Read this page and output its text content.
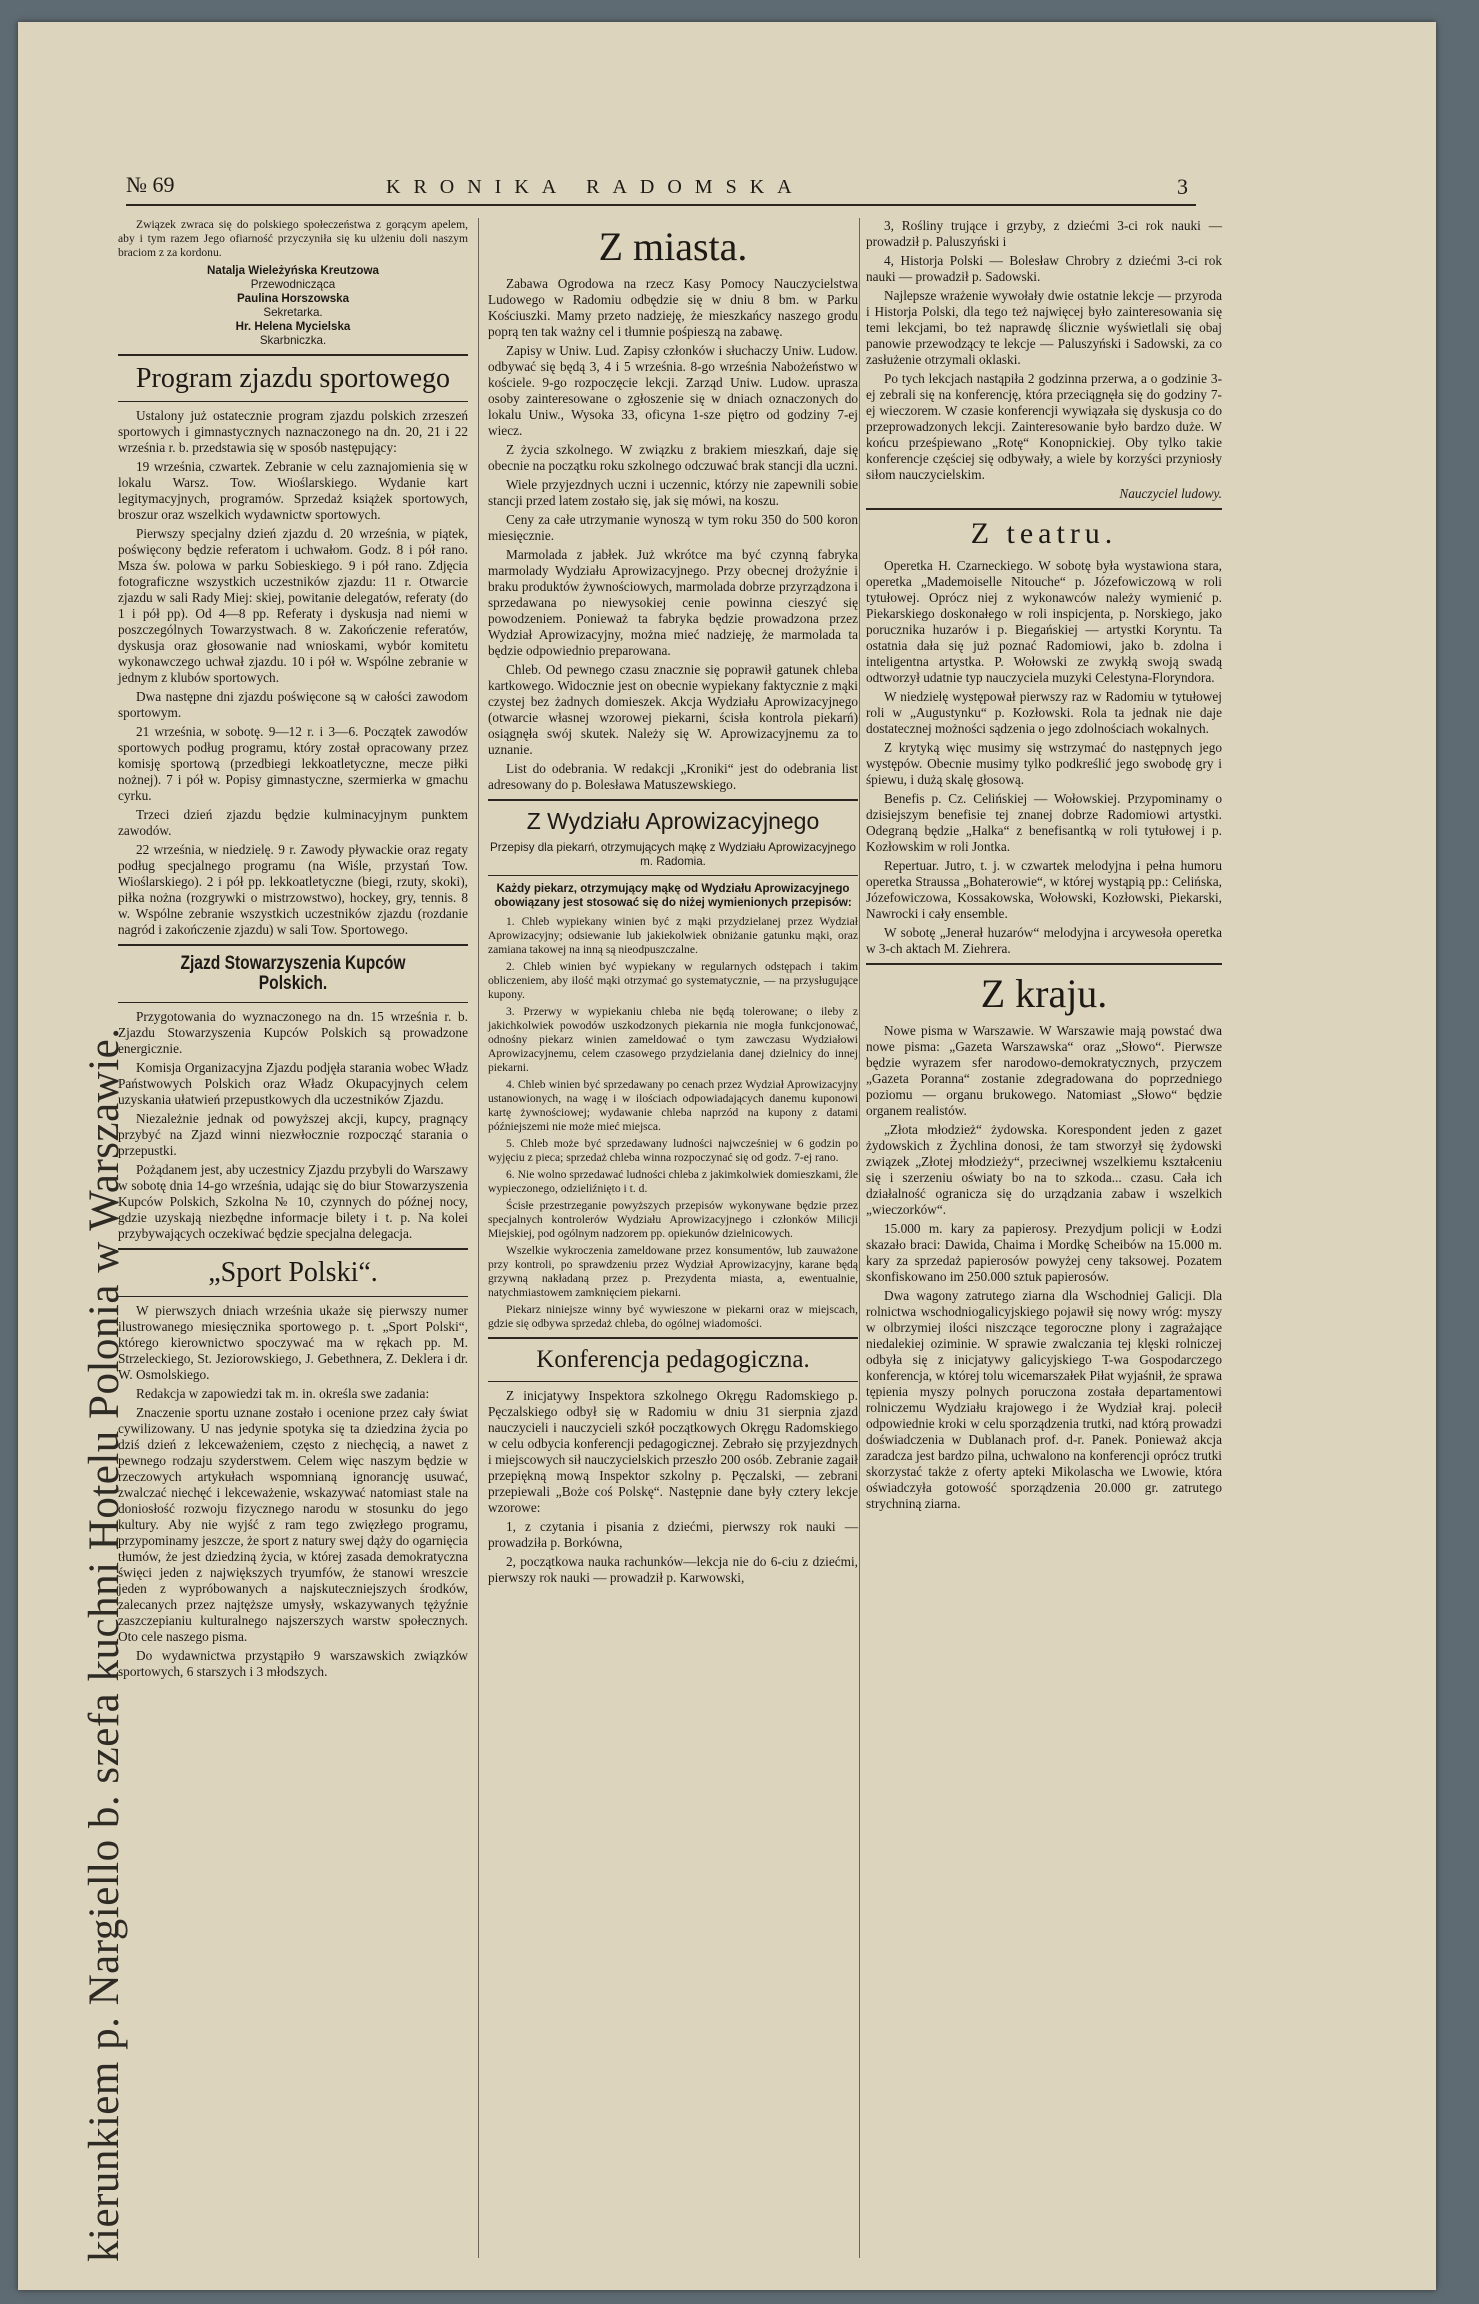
kierunkiem p. Nargiello b. szefa kuchni Hotelu Polonia w Warszawie.
№ 69	KRONIKA RADOMSKA	3

Związek zwraca się do polskiego społeczeństwa z gorącym apelem, aby i tym razem Jego ofiarność przyczyniła się ku ulżeniu doli naszym braciom z za kordonu.

Natalja Wieleżyńska Kreutzowa

Przewodnicząca

Paulina Horszowska

Sekretarka.

Hr. Helena Mycielska

Skarbniczka.

Program zjazdu sportowego

Ustalony już ostatecznie program zjazdu polskich zrzeszeń sportowych i gimnastycznych naznaczonego na dn. 20, 21 i 22 września r. b. przedstawia się w sposób następujący:

19 września, czwartek. Zebranie w celu zaznajomienia się w lokalu Warsz. Tow. Wioślarskiego. Wydanie kart legitymacyjnych, programów. Sprzedaż książek sportowych, broszur oraz wszelkich wydawnictw sportowych.

Pierwszy specjalny dzień zjazdu d. 20 września, w piątek, poświęcony będzie referatom i uchwałom. Godz. 8 i pół rano. Msza św. polowa w parku Sobieskiego. 9 i pół rano. Zdjęcia fotograficzne wszystkich uczestników zjazdu: 11 r. Otwarcie zjazdu w sali Rady Miej: skiej, powitanie delegatów, referaty (do 1 i pół pp). Od 4—8 pp. Referaty i dyskusja nad niemi w poszczególnych Towarzystwach. 8 w. Zakończenie referatów, dyskusja oraz głosowanie nad wnioskami, wybór komitetu wykonawczego uchwał zjazdu. 10 i pół w. Wspólne zebranie w jednym z klubów sportowych.

Dwa następne dni zjazdu poświęcone są w całości zawodom sportowym.

21 września, w sobotę. 9—12 r. i 3—6. Początek zawodów sportowych podług programu, który został opracowany przez komisję sportową (przedbiegi lekkoatletyczne, mecze piłki nożnej). 7 i pół w. Popisy gimnastyczne, szermierka w gmachu cyrku.

Trzeci dzień zjazdu będzie kulminacyjnym punktem zawodów.

22 września, w niedzielę. 9 r. Zawody pływackie oraz regaty podług specjalnego programu (na Wiśle, przystań Tow. Wioślarskiego). 2 i pół pp. lekkoatletyczne (biegi, rzuty, skoki), piłka nożna (rozgrywki o mistrzowstwo), hockey, gry, tennis. 8 w. Wspólne zebranie wszystkich uczestników zjazdu (rozdanie nagród i zakończenie zjazdu) w sali Tow. Sportowego.

Zjazd Stowarzyszenia Kupców Polskich.

Przygotowania do wyznaczonego na dn. 15 września r. b. Zjazdu Stowarzyszenia Kupców Polskich są prowadzone energicznie.

Komisja Organizacyjna Zjazdu podjęła starania wobec Władz Państwowych Polskich oraz Władz Okupacyjnych celem uzyskania ułatwień przepustkowych dla uczestników Zjazdu.

Niezależnie jednak od powyższej akcji, kupcy, pragnący przybyć na Zjazd winni niezwłocznie rozpocząć starania o przepustki.

Pożądanem jest, aby uczestnicy Zjazdu przybyli do Warszawy w sobotę dnia 14-go września, udając się do biur Stowarzyszenia Kupców Polskich, Szkolna № 10, czynnych do późnej nocy, gdzie uzyskają niezbędne informacje bilety i t. p. Na kolei przybywających oczekiwać będzie specjalna delegacja.

„Sport Polski“.

W pierwszych dniach września ukaże się pierwszy numer ilustrowanego miesięcznika sportowego p. t. „Sport Polski“, którego kierownictwo spoczywać ma w rękach pp. M. Strzeleckiego, St. Jeziorowskiego, J. Gebethnera, Z. Deklera i dr. W. Osmolskiego.

Redakcja w zapowiedzi tak m. in. określa swe zadania:

Znaczenie sportu uznane zostało i ocenione przez cały świat cywilizowany. U nas jedynie spotyka się ta dziedzina życia po dziś dzień z lekceważeniem, często z niechęcią, a nawet z pewnego rodzaju szyderstwem. Celem więc naszym będzie w rzeczowych artykułach wspomnianą ignorancję usuwać, zwalczać niechęć i lekceważenie, wskazywać natomiast stale na doniosłość rozwoju fizycznego narodu w stosunku do jego kultury. Aby nie wyjść z ram tego zwięzłego programu, przypominamy jeszcze, że sport z natury swej dąży do ogarnięcia tłumów, że jest dziedziną życia, w której zasada demokratyczna święci jeden z największych tryumfów, że stanowi wreszcie jeden z wypróbowanych a najskuteczniejszych środków, zalecanych przez najtęższe umysły, wskazywanych tężyźnie zaszczepianiu kulturalnego najszerszych warstw społecznych. Oto cele naszego pisma.

Do wydawnictwa przystąpiło 9 warszawskich związków sportowych, 6 starszych i 3 młodszych.

Z miasta.

Zabawa Ogrodowa na rzecz Kasy Pomocy Nauczycielstwa Ludowego w Radomiu odbędzie się w dniu 8 bm. w Parku Kościuszki. Mamy przeto nadzieję, że mieszkańcy naszego grodu poprą ten tak ważny cel i tłumnie pośpieszą na zabawę.

Zapisy w Uniw. Lud. Zapisy członków i słuchaczy Uniw. Ludow. odbywać się będą 3, 4 i 5 września. 8-go września Nabożeństwo w kościele. 9-go rozpoczęcie lekcji. Zarząd Uniw. Ludow. uprasza osoby zainteresowane o zgłoszenie się w dniach oznaczonych do lokalu Uniw., Wysoka 33, oficyna 1-sze piętro od godziny 7-ej wiecz.

Z życia szkolnego. W związku z brakiem mieszkań, daje się obecnie na początku roku szkolnego odczuwać brak stancji dla uczni.

Wiele przyjezdnych uczni i uczennic, którzy nie zapewnili sobie stancji przed latem zostało się, jak się mówi, na koszu.

Ceny za całe utrzymanie wynoszą w tym roku 350 do 500 koron miesięcznie.

Marmolada z jabłek. Już wkrótce ma być czynną fabryka marmolady Wydziału Aprowizacyjnego. Przy obecnej drożyźnie i braku produktów żywnościowych, marmolada dobrze przyrządzona i sprzedawana po niewysokiej cenie powinna cieszyć się powodzeniem. Ponieważ ta fabryka będzie prowadzona przez Wydział Aprowizacyjny, można mieć nadzieję, że marmolada ta będzie odpowiednio preparowana.

Chleb. Od pewnego czasu znacznie się poprawił gatunek chleba kartkowego. Widocznie jest on obecnie wypiekany faktycznie z mąki czystej bez żadnych domieszek. Akcja Wydziału Aprowizacyjnego (otwarcie własnej wzorowej piekarni, ścisła kontrola piekarń) osiągnęła swój skutek. Należy się W. Aprowizacyjnemu za to uznanie.

List do odebrania. W redakcji „Kroniki“ jest do odebrania list adresowany do p. Bolesława Matuszewskiego.

Z Wydziału Aprowizacyjnego

Przepisy dla piekarń, otrzymujących mąkę z Wydziału Aprowizacyjnego m. Radomia.

Każdy piekarz, otrzymujący mąkę od Wydziału Aprowizacyjnego obowiązany jest stosować się do niżej wymienionych przepisów:

1. Chleb wypiekany winien być z mąki przydzielanej przez Wydział Aprowizacyjny; odsiewanie lub jakiekolwiek obniżanie gatunku mąki, oraz zamiana takowej na inną są nieodpuszczalne.

2. Chleb winien być wypiekany w regularnych odstępach i takim obliczeniem, aby ilość mąki otrzymać go systematycznie, — na przysługujące kupony.

3. Przerwy w wypiekaniu chleba nie będą tolerowane; o ileby z jakichkolwiek powodów uszkodzonych piekarnia nie mogła funkcjonować, odnośny piekarz winien zameldować o tym zawczasu Wydziałowi Aprowizacyjnemu, celem czasowego przydzielania danej dzielnicy do innej piekarni.

4. Chleb winien być sprzedawany po cenach przez Wydział Aprowizacyjny ustanowionych, na wagę i w ilościach odpowiadających danemu kuponowi kartę żywnościowej; wydawanie chleba naprzód na kupony z datami późniejszemi nie może mieć miejsca.

5. Chleb może być sprzedawany ludności najwcześniej w 6 godzin po wyjęciu z pieca; sprzedaż chleba winna rozpoczynać się od godz. 7-ej rano.

6. Nie wolno sprzedawać ludności chleba z jakimkolwiek domieszkami, źle wypieczonego, odzieliźnięto i t. d.

Ścisłe przestrzeganie powyższych przepisów wykonywane będzie przez specjalnych kontrolerów Wydziału Aprowizacyjnego i członków Milicji Miejskiej, pod ogólnym nadzorem pp. opiekunów dzielnicowych.

Wszelkie wykroczenia zameldowane przez konsumentów, lub zauważone przy kontroli, po sprawdzeniu przez Wydział Aprowizacyjny, karane będą grzywną nakładaną przez p. Prezydenta miasta, a, ewentualnie, natychmiastowem zamknięciem piekarni.

Piekarz niniejsze winny być wywieszone w piekarni oraz w miejscach, gdzie się odbywa sprzedaż chleba, do ogólnej wiadomości.

Konferencja pedagogiczna.

Z inicjatywy Inspektora szkolnego Okręgu Radomskiego p. Pęczalskiego odbył się w Radomiu w dniu 31 sierpnia zjazd nauczycieli i nauczycieli szkół początkowych Okręgu Radomskiego w celu odbycia konferencji pedagogicznej. Zebrało się przyjezdnych i miejscowych sił nauczycielskich przeszło 200 osób. Zebranie zagaił przepiękną mową Inspektor szkolny p. Pęczalski, — zebrani przepiewali „Boże coś Polskę“. Następnie dane były cztery lekcje wzorowe:

1, z czytania i pisania z dziećmi, pierwszy rok nauki — prowadziła p. Borkówna,

2, początkowa nauka rachunków—lekcja nie do 6-ciu z dziećmi, pierwszy rok nauki — prowadził p. Karwowski,

3, Rośliny trujące i grzyby, z dziećmi 3-ci rok nauki — prowadził p. Paluszyński i

4, Historja Polski — Bolesław Chrobry z dziećmi 3-ci rok nauki — prowadził p. Sadowski.

Najlepsze wrażenie wywołały dwie ostatnie lekcje — przyroda i Historja Polski, dla tego też najwięcej było zainteresowania się temi lekcjami, bo też naprawdę ślicznie wyświetlali się obaj panowie przewodzący te lekcje — Paluszyński i Sadowski, za co zasłużenie otrzymali oklaski.

Po tych lekcjach nastąpiła 2 godzinna przerwa, a o godzinie 3-ej zebrali się na konferencję, która przeciągnęła się do godziny 7-ej wieczorem. W czasie konferencji wywiązała się dyskusja co do przeprowadzonych lekcji. Zainteresowanie było bardzo duże. W końcu prześpiewano „Rotę“ Konopnickiej. Oby tylko takie konferencje częściej się odbywały, a wiele by korzyści przyniosły siłom nauczycielskim.

Nauczyciel ludowy.

Z teatru.

Operetka H. Czarneckiego. W sobotę była wystawiona stara, operetka „Mademoiselle Nitouche“ p. Józefowiczową w roli tytułowej. Oprócz niej z wykonawców należy wymienić p. Piekarskiego doskonałego w roli inspicjenta, p. Norskiego, jako porucznika huzarów i p. Biegańskiej — artystki Koryntu. Ta ostatnia dała się już poznać Radomiowi, jako b. zdolna i inteligentna artystka. P. Wołowski ze zwykłą swoją swadą odtworzył udatnie typ nauczyciela muzyki Celestyna-Floryndora.

W niedzielę występował pierwszy raz w Radomiu w tytułowej roli w „Augustynku“ p. Kozłowski. Rola ta jednak nie daje dostatecznej możności sądzenia o jego zdolnościach wokalnych.

Z krytyką więc musimy się wstrzymać do następnych jego występów. Obecnie musimy tylko podkreślić jego swobodę gry i śpiewu, i dużą skalę głosową.

Benefis p. Cz. Celińskiej — Wołowskiej. Przypominamy o dzisiejszym benefisie tej znanej dobrze Radomiowi artystki. Odegraną będzie „Halka“ z benefisantką w roli tytułowej i p. Kozłowskim w roli Jontka.

Repertuar. Jutro, t. j. w czwartek melodyjna i pełna humoru operetka Straussa „Bohaterowie“, w której wystąpią pp.: Celińska, Józefowiczowa, Kossakowska, Wołowski, Kozłowski, Piekarski, Nawrocki i cały ensemble.

W sobotę „Jenerał huzarów“ melodyjna i arcywesoła operetka w 3-ch aktach M. Ziehrera.

Z kraju.

Nowe pisma w Warszawie. W Warszawie mają powstać dwa nowe pisma: „Gazeta Warszawska“ oraz „Słowo“. Pierwsze będzie wyrazem sfer narodowo-demokratycznych, przyczem „Gazeta Poranna“ zostanie zdegradowana do poprzedniego poziomu — organu brukowego. Natomiast „Słowo“ będzie organem realistów.

„Złota młodzież“ żydowska. Korespondent jeden z gazet żydowskich z Żychlina donosi, że tam stworzył się żydowski związek „Złotej młodzieży“, przeciwnej wszelkiemu kształceniu się i szerzeniu oświaty bo na to szkoda... czasu. Cała ich działalność ogranicza się do urządzania zabaw i wszelkich „wieczorków“.

15.000 m. kary za papierosy. Prezydjum policji w Łodzi skazało braci: Dawida, Chaima i Mordkę Scheibów na 15.000 m. kary za sprzedaż papierosów powyżej ceny taksowej. Pozatem skonfiskowano im 250.000 sztuk papierosów.

Dwa wagony zatrutego ziarna dla Wschodniej Galicji. Dla rolnictwa wschodniogalicyjskiego pojawił się nowy wróg: myszy w olbrzymiej ilości niszczące tegoroczne plony i zagrażające niedalekiej oziminie. W sprawie zwalczania tej klęski rolniczej odbyła się z inicjatywy galicyjskiego T-wa Gospodarczego konferencja, w której tolu wicemarszałek Piłat wyjaśnił, że sprawa tępienia myszy polnych poruczona została departamentowi rolniczemu Wydziału krajowego i że Wydział kraj. polecił odpowiednie kroki w celu sporządzenia trutki, nad którą prowadzi doświadczenia w Dublanach prof. d-r. Panek. Ponieważ akcja zaradcza jest bardzo pilna, uchwalono na konferencji oprócz trutki skorzystać także z oferty apteki Mikolascha we Lwowie, która oświadczyła gotowość sporządzenia 20.000 gr. zatrutego strychniną ziarna.
